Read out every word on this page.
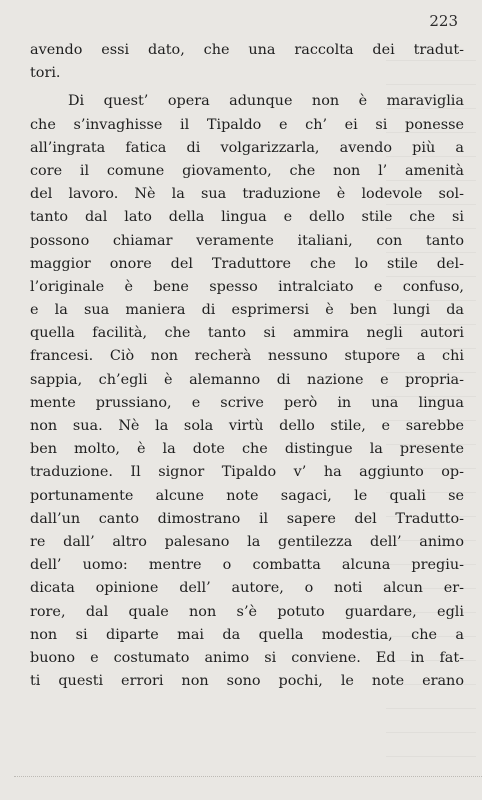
223
avendo essi dato, che una raccolta dei tradut-
tori.
Di quest’ opera adunque non è maraviglia
che s’invaghisse il Tipaldo e ch’ ei si ponesse
all’ingrata fatica di volgarizzarla, avendo più a
core il comune giovamento, che non l’ amenità
del lavoro. Nè la sua traduzione è lodevole sol-
tanto dal lato della lingua e dello stile che si
possono chiamar veramente italiani, con tanto
maggior onore del Traduttore che lo stile del-
l’originale è bene spesso intralciato e confuso,
e la sua maniera di esprimersi è ben lungi da
quella facilità, che tanto si ammira negli autori
francesi. Ciò non recherà nessuno stupore a chi
sappia, ch’egli è alemanno di nazione e propria-
mente prussiano, e scrive però in una lingua
non sua. Nè la sola virtù dello stile, e sarebbe
ben molto, è la dote che distingue la presente
traduzione. Il signor Tipaldo v’ ha aggiunto op-
portunamente alcune note sagaci, le quali se
dall’un canto dimostrano il sapere del Tradutto-
re dall’ altro palesano la gentilezza dell’ animo
dell’ uomo: mentre o combatta alcuna pregiu-
dicata opinione dell’ autore, o noti alcun er-
rore, dal quale non s’è potuto guardare, egli
non si diparte mai da quella modestia, che a
buono e costumato animo si conviene. Ed in fat-
ti questi errori non sono pochi, le note erano
